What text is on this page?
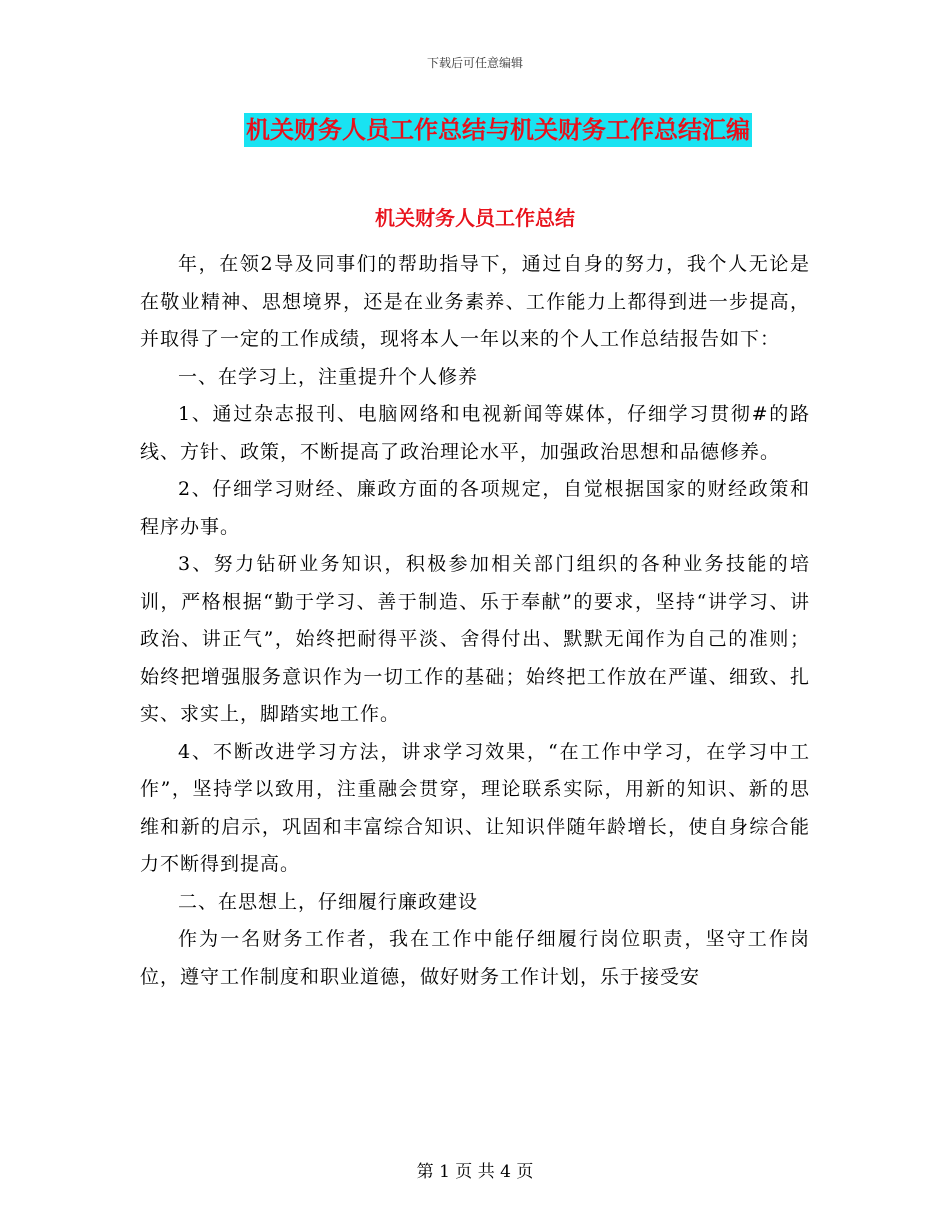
下载后可任意编辑
机关财务人员工作总结与机关财务工作总结汇编
机关财务人员工作总结

年，在领2导及同事们的帮助指导下，通过自身的努力，我个人无论是在敬业精神、思想境界，还是在业务素养、工作能力上都得到进一步提高，并取得了一定的工作成绩，现将本人一年以来的个人工作总结报告如下：

一、在学习上，注重提升个人修养

1、通过杂志报刊、电脑网络和电视新闻等媒体，仔细学习贯彻#的路线、方针、政策，不断提高了政治理论水平，加强政治思想和品德修养。

2、仔细学习财经、廉政方面的各项规定，自觉根据国家的财经政策和程序办事。

3、努力钻研业务知识，积极参加相关部门组织的各种业务技能的培训，严格根据“勤于学习、善于制造、乐于奉献”的要求，坚持“讲学习、讲政治、讲正气”，始终把耐得平淡、舍得付出、默默无闻作为自己的准则；始终把增强服务意识作为一切工作的基础；始终把工作放在严谨、细致、扎实、求实上，脚踏实地工作。

4、不断改进学习方法，讲求学习效果，“在工作中学习，在学习中工作”，坚持学以致用，注重融会贯穿，理论联系实际，用新的知识、新的思维和新的启示，巩固和丰富综合知识、让知识伴随年龄增长，使自身综合能力不断得到提高。

二、在思想上，仔细履行廉政建设

作为一名财务工作者，我在工作中能仔细履行岗位职责，坚守工作岗位，遵守工作制度和职业道德，做好财务工作计划，乐于接受安

第 1 页 共 4 页
